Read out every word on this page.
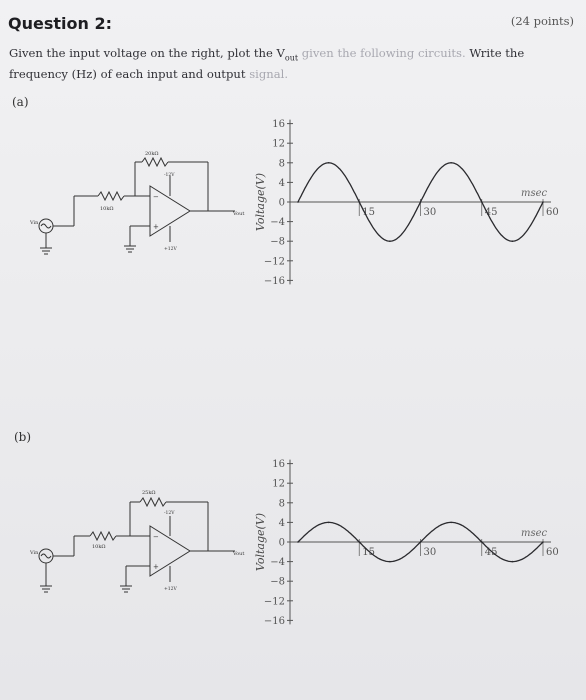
Question 2:	(24 points)
Given the input voltage on the right, plot the $V_{out}$ given the following circuits. Write the
frequency (Hz) of each input and output signal.
(a)
(b)
20kΩ
10kΩ
-12V
+12V
Vin
Vout
−
+
16
12
8
4
0
−4
−8
−12
−16
15	30	45	60
msec
Voltage(V)
25kΩ
10kΩ
-12V
+12V
Vin	Vout
−
+
16
12
8
4
0
−4
−8
−12
−16
15	30	45	60
msec
Voltage(V)
